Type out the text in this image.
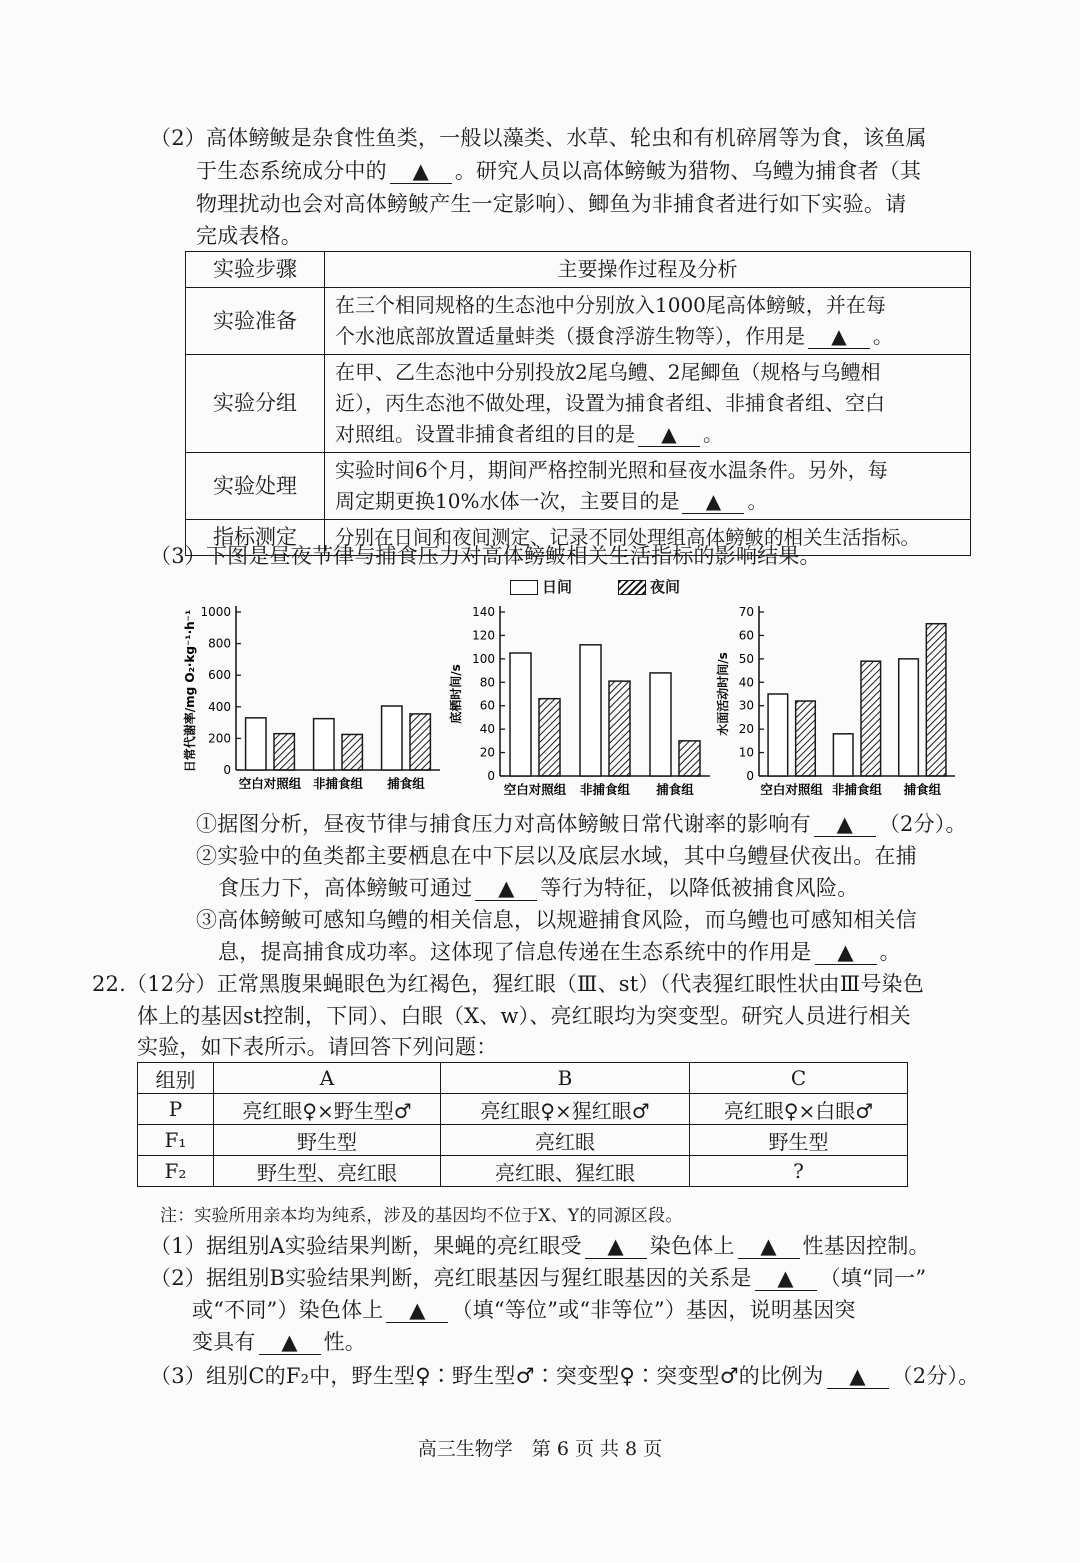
（2）高体鳑鲏是杂食性鱼类，一般以藻类、水草、轮虫和有机碎屑等为食，该鱼属
于生态系统成分中的 ▲ 。研究人员以高体鳑鲏为猎物、乌鳢为捕食者（其
物理扰动也会对高体鳑鲏产生一定影响）、鲫鱼为非捕食者进行如下实验。请
完成表格。
实验步骤	主要操作过程及分析
实验准备	在三个相同规格的生态池中分别放入1000尾高体鳑鲏，并在每
个水池底部放置适量蚌类（摄食浮游生物等），作用是 ▲ 。

实验分组	在甲、乙生态池中分别投放2尾乌鳢、2尾鲫鱼（规格与乌鳢相
近），丙生态池不做处理，设置为捕食者组、非捕食者组、空白
对照组。设置非捕食者组的目的是 ▲ 。

实验处理	实验时间6个月，期间严格控制光照和昼夜水温条件。另外，每
周定期更换10%水体一次，主要目的是 ▲ 。

指标测定	分别在日间和夜间测定、记录不同处理组高体鳑鲏的相关生活指标。
（3）下图是昼夜节律与捕食压力对高体鳑鲏相关生活指标的影响结果。
日间	夜间
0
200
400
600
800
1000
日常代谢率/mg O₂·kg⁻¹·h⁻¹
空白对照组 非捕食组 捕食组	0
20
40
60
80
100
120
140
底栖时间/s
空白对照组 非捕食组 捕食组
0
10
20
30
40
50
60
70
水面活动时间/s
空白对照组 非捕食组 捕食组
①据图分析，昼夜节律与捕食压力对高体鳑鲏日常代谢率的影响有 ▲ （2分）。
②实验中的鱼类都主要栖息在中下层以及底层水域，其中乌鳢昼伏夜出。在捕
食压力下，高体鳑鲏可通过 ▲ 等行为特征，以降低被捕食风险。
③高体鳑鲏可感知乌鳢的相关信息，以规避捕食风险，而乌鳢也可感知相关信
息，提高捕食成功率。这体现了信息传递在生态系统中的作用是 ▲ 。
22.（12分）正常黑腹果蝇眼色为红褐色，猩红眼（Ⅲ、st）（代表猩红眼性状由Ⅲ号染色
体上的基因st控制，下同）、白眼（X、w）、亮红眼均为突变型。研究人员进行相关
实验，如下表所示。请回答下列问题：
组别	A	B	C
P	亮红眼♀×野生型♂	亮红眼♀×猩红眼♂	亮红眼♀×白眼♂
F₁	野生型	亮红眼	野生型
F₂	野生型、亮红眼	亮红眼、猩红眼	?
注：实验所用亲本均为纯系，涉及的基因均不位于X、Y的同源区段。
（1）据组别A实验结果判断，果蝇的亮红眼受 ▲ 染色体上 ▲ 性基因控制。
（2）据组别B实验结果判断，亮红眼基因与猩红眼基因的关系是 ▲ （填“同一”
或“不同”）染色体上 ▲ （填“等位”或“非等位”）基因，说明基因突
变具有 ▲ 性。
（3）组别C的F₂中，野生型♀∶野生型♂∶突变型♀∶突变型♂的比例为 ▲ （2分）。
高三生物学　第 6 页 共 8 页
